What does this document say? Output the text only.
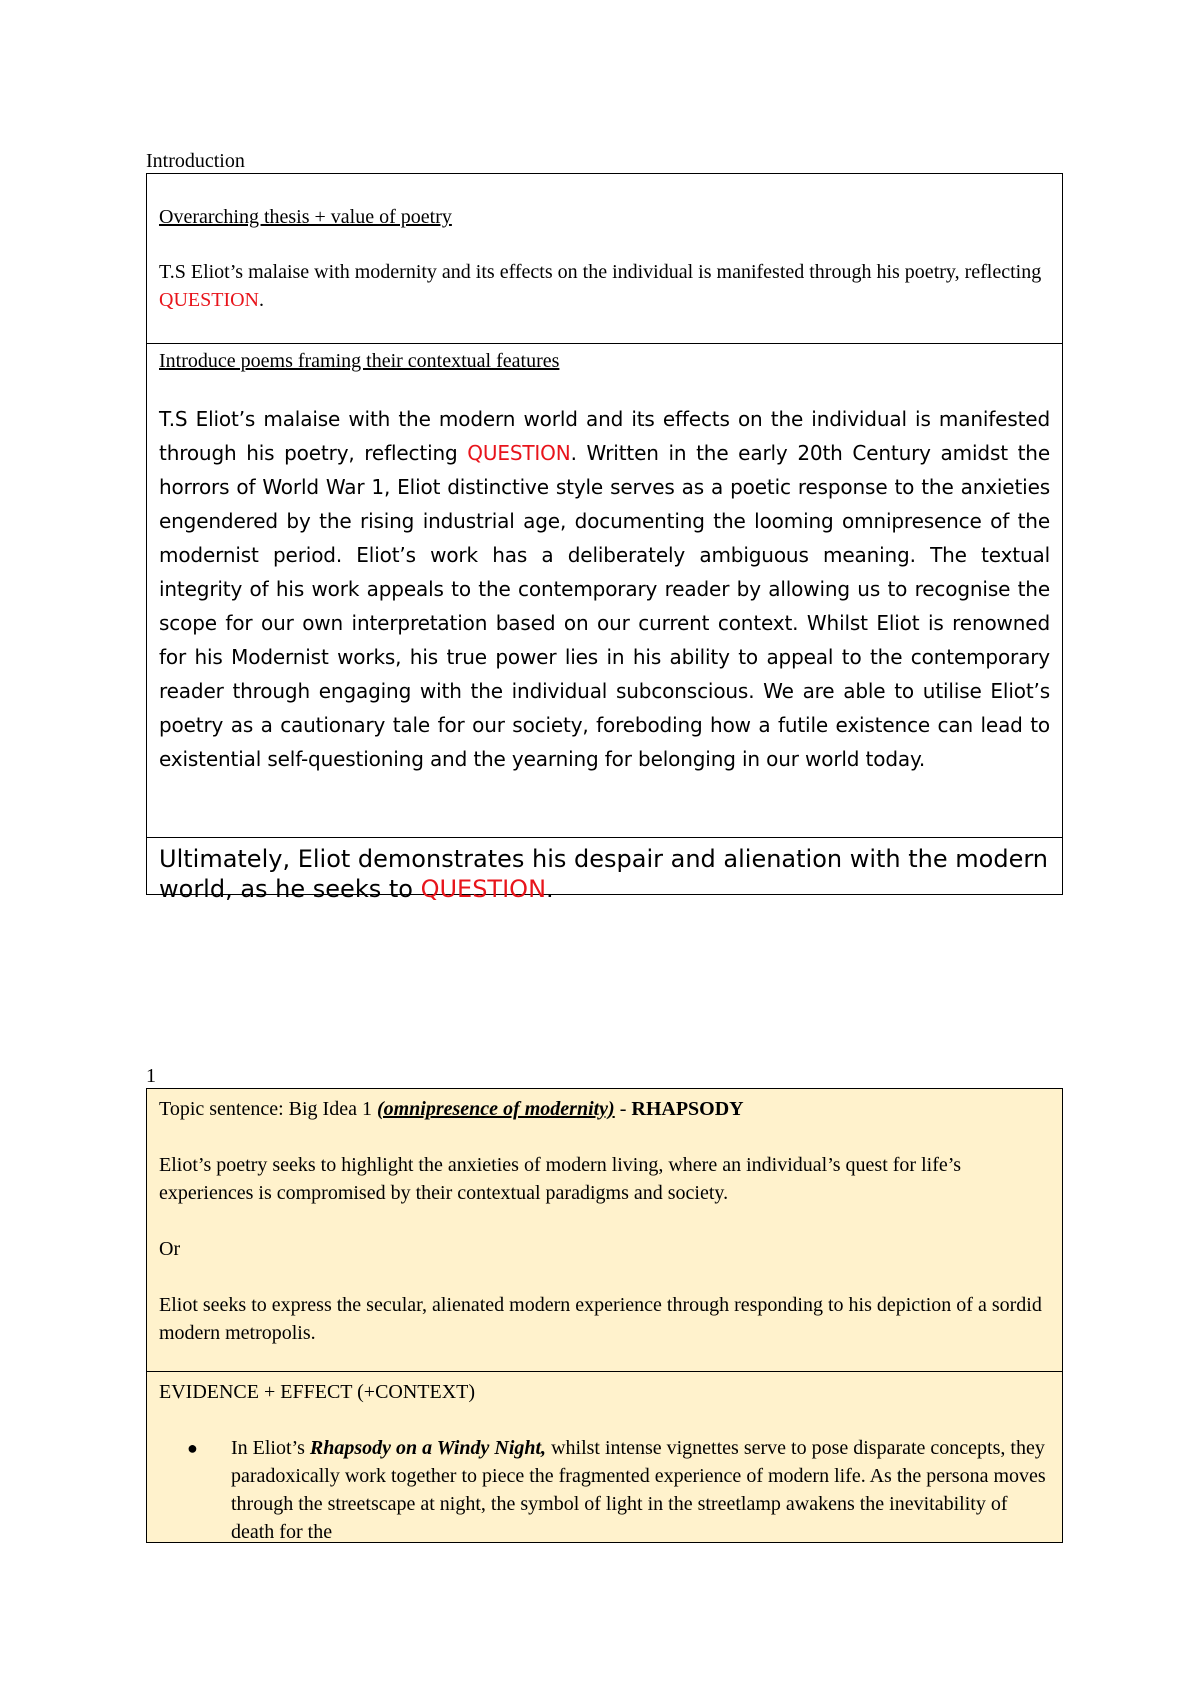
Introduction

Overarching thesis + value of poetry

T.S Eliot’s malaise with modernity and its effects on the individual is manifested through his poetry, reflecting QUESTION.

Introduce poems framing their contextual features

T.S Eliot’s malaise with the modern world and its effects on the individual is manifested through his poetry, reflecting QUESTION. Written in the early 20th Century amidst the horrors of World War 1, Eliot distinctive style serves as a poetic response to the anxieties engendered by the rising industrial age, documenting the looming omnipresence of the modernist period. Eliot’s work has a deliberately ambiguous meaning. The textual integrity of his work appeals to the contemporary reader by allowing us to recognise the scope for our own interpretation based on our current context. Whilst Eliot is renowned for his Modernist works, his true power lies in his ability to appeal to the contemporary reader through engaging with the individual subconscious. We are able to utilise Eliot’s poetry as a cautionary tale for our society, foreboding how a futile existence can lead to existential self-questioning and the yearning for belonging in our world today.

Ultimately, Eliot demonstrates his despair and alienation with the modern world, as he seeks to QUESTION.
1

Topic sentence: Big Idea 1 (omnipresence of modernity) - RHAPSODY

Eliot’s poetry seeks to highlight the anxieties of modern living, where an individual’s quest for life’s experiences is compromised by their contextual paradigms and society.

Or

Eliot seeks to express the secular, alienated modern experience through responding to his depiction of a sordid modern metropolis.

EVIDENCE + EFFECT (+CONTEXT)
●	In Eliot’s Rhapsody on a Windy Night, whilst intense vignettes serve to pose disparate concepts, they paradoxically work together to piece the fragmented experience of modern life. As the persona moves through the streetscape at night, the symbol of light in the streetlamp awakens the inevitability of death for the
